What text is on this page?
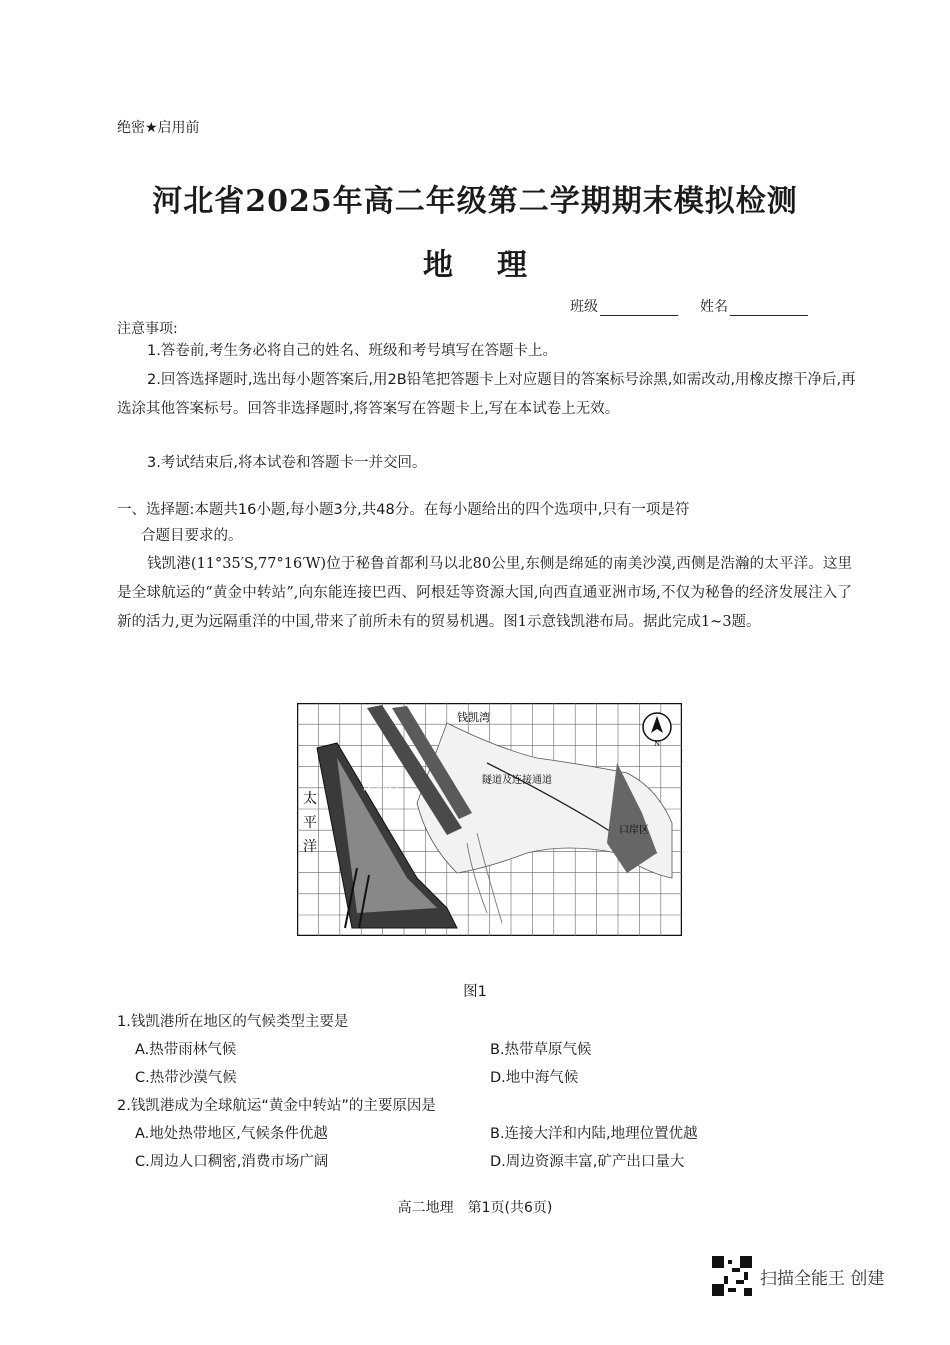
绝密★启用前
河北省2025年高二年级第二学期期末模拟检测
地 理
班级	姓名
注意事项:
1.答卷前,考生务必将自己的姓名、班级和考号填写在答题卡上。
2.回答选择题时,选出每小题答案后,用2B铅笔把答题卡上对应题目的答案标号涂黑,如需改动,用橡皮擦干净后,再选涂其他答案标号。回答非选择题时,将答案写在答题卡上,写在本试卷上无效。
3.考试结束后,将本试卷和答题卡一并交回。
一、选择题:本题共16小题,每小题3分,共48分。在每小题给出的四个选项中,只有一项是符
合题目要求的。
钱凯港(11°35′S,77°16′W)位于秘鲁首都利马以北80公里,东侧是绵延的南美沙漠,西侧是浩瀚的太平洋。这里是全球航运的“黄金中转站”,向东能连接巴西、阿根廷等资源大国,向西直通亚洲市场,不仅为秘鲁的经济发展注入了新的活力,更为远隔重洋的中国,带来了前所未有的贸易机遇。图1示意钱凯港布局。据此完成1~3题。
N
钱凯湾
钱凯码头
隧道及连接通道
太
平
洋
口岸区
图1
1.钱凯港所在地区的气候类型主要是
A.热带雨林气候	B.热带草原气候
C.热带沙漠气候	D.地中海气候
2.钱凯港成为全球航运“黄金中转站”的主要原因是
A.地处热带地区,气候条件优越	B.连接大洋和内陆,地理位置优越
C.周边人口稠密,消费市场广阔	D.周边资源丰富,矿产出口量大
高二地理　第1页(共6页)
扫描全能王 创建
